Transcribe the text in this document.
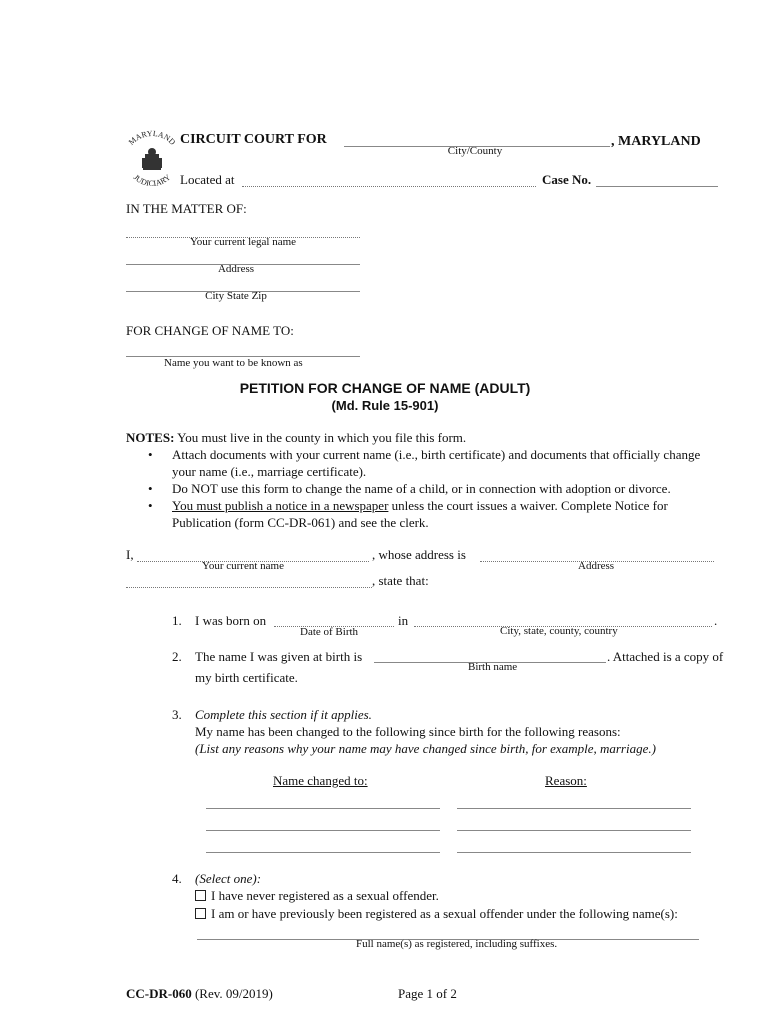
MARYLAND
JUDICIARY
CIRCUIT COURT FOR	, MARYLAND
City/County
Located at	Case No.
IN THE MATTER OF:
Your current legal name
Address
City State Zip
FOR CHANGE OF NAME TO:
Name you want to be known as
PETITION FOR CHANGE OF NAME (ADULT)
(Md. Rule 15-901)
NOTES: You must live in the county in which you file this form.
• Attach documents with your current name (i.e., birth certificate) and documents that officially change
your name (i.e., marriage certificate).
• Do NOT use this form to change the name of a child, or in connection with adoption or divorce.
• You must publish a notice in a newspaper unless the court issues a waiver. Complete Notice for
Publication (form CC-DR-061) and see the clerk.
I,	, whose address is
Your current name	Address
, state that:
1. I was born on	in	.
Date of Birth	City, state, county, country
2. The name I was given at birth is	. Attached is a copy of
Birth name
my birth certificate.
3. Complete this section if it applies.
My name has been changed to the following since birth for the following reasons:
(List any reasons why your name may have changed since birth, for example, marriage.)
Name changed to:	Reason:
4. (Select one):
I have never registered as a sexual offender.
I am or have previously been registered as a sexual offender under the following name(s):
Full name(s) as registered, including suffixes.
CC-DR-060 (Rev. 09/2019)	Page 1 of 2
